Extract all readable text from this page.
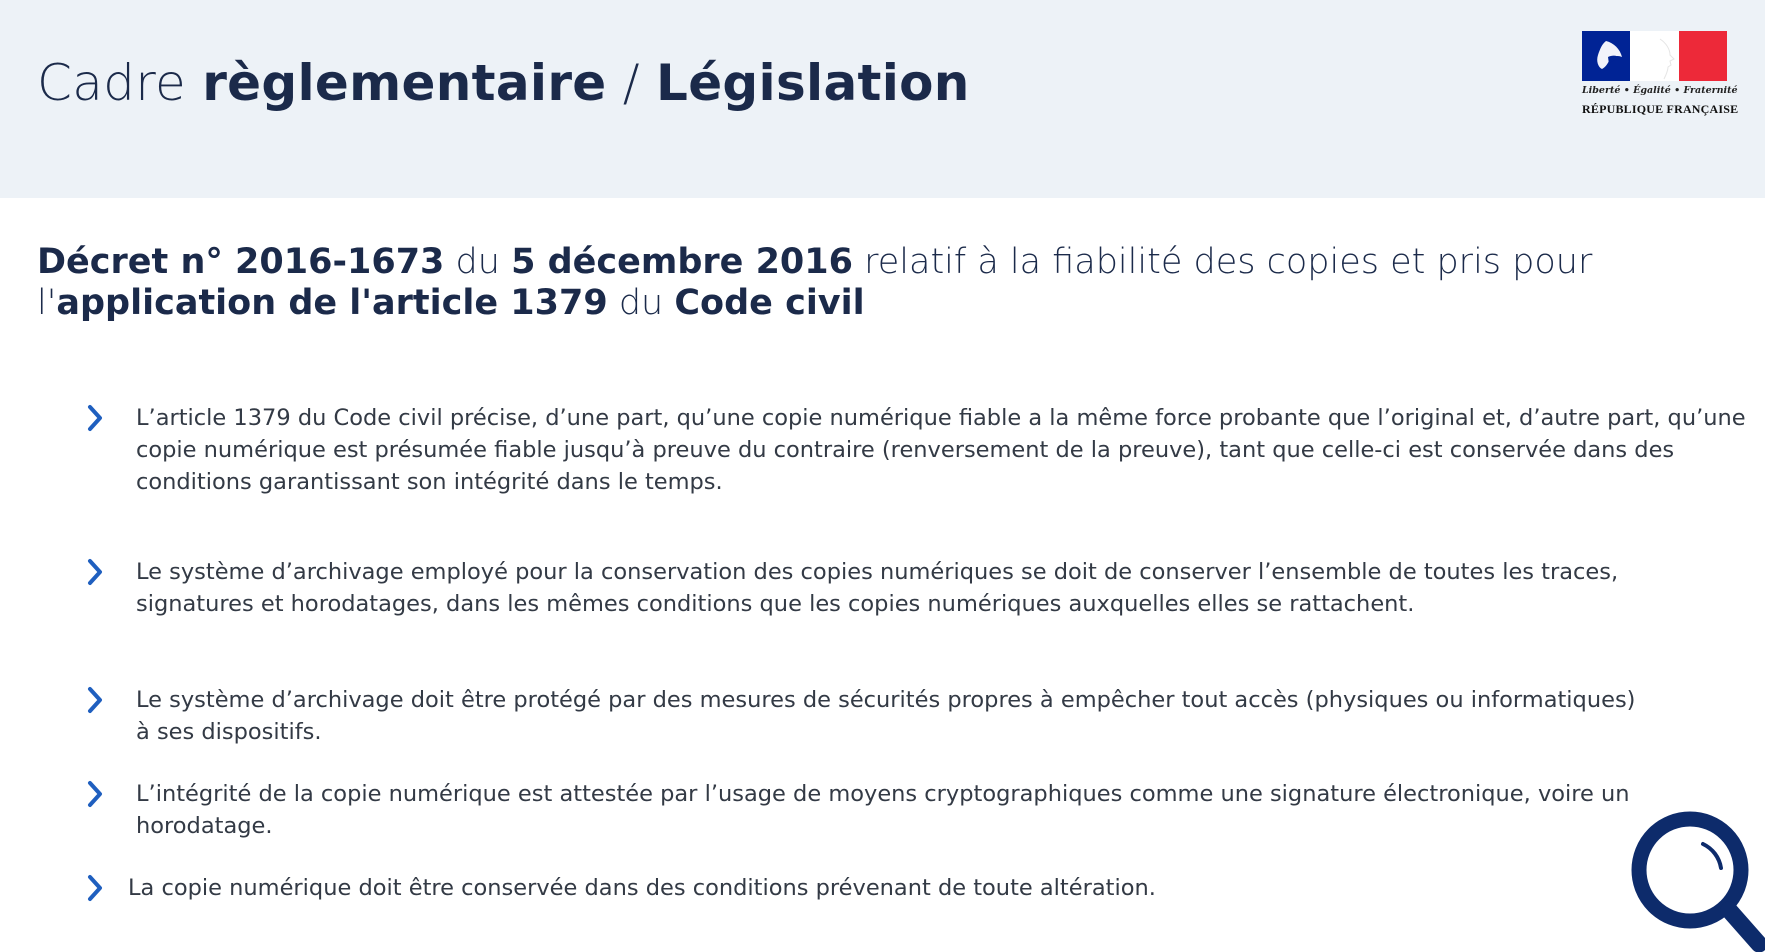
Cadre règlementaire / Législation	Liberté • Égalité • Fraternité
RÉPUBLIQUE FRANÇAISE
Décret n° 2016-1673 du 5 décembre 2016 relatif à la fiabilité des copies et pris pour l'application de l'article 1379 du Code civil
L’article 1379 du Code civil précise, d’une part, qu’une copie numérique fiable a la même force probante que l’original et, d’autre part, qu’une copie numérique est présumée fiable jusqu’à preuve du contraire (renversement de la preuve), tant que celle-ci est conservée dans des conditions garantissant son intégrité dans le temps.
Le système d’archivage employé pour la conservation des copies numériques se doit de conserver l’ensemble de toutes les traces, signatures et horodatages, dans les mêmes conditions que les copies numériques auxquelles elles se rattachent.
Le système d’archivage doit être protégé par des mesures de sécurités propres à empêcher tout accès (physiques ou informatiques) à ses dispositifs.
L’intégrité de la copie numérique est attestée par l’usage de moyens cryptographiques comme une signature électronique, voire un horodatage.
La copie numérique doit être conservée dans des conditions prévenant de toute altération.
